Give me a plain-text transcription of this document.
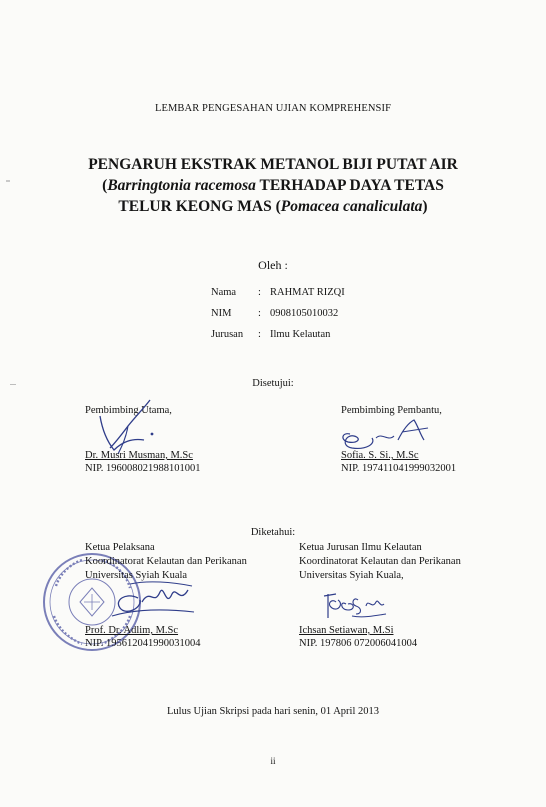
LEMBAR PENGESAHAN UJIAN KOMPREHENSIF
PENGARUH EKSTRAK METANOL BIJI PUTAT AIR
(Barringtonia racemosa TERHADAP DAYA TETAS
TELUR KEONG MAS (Pomacea canaliculata)
Oleh :
Nama : RAHMAT RIZQI
NIM	: 0908105010032
Jurusan : Ilmu Kelautan
Disetujui:
Pembimbing Utama,
Dr. Musri Musman, M.Sc
NIP. 196008021988101001
Pembimbing Pembantu,
Sofia. S. Si., M.Sc
NIP. 197411041999032001
Diketahui:
Ketua Pelaksana
Koordinatorat Kelautan dan Perikanan
Universitas Syiah Kuala
Prof. Dr. Adlim, M.Sc
NIP. 195612041990031004
Ketua Jurusan Ilmu Kelautan
Koordinatorat Kelautan dan Perikanan
Universitas Syiah Kuala,
Ichsan Setiawan, M.Si
NIP. 197806 072006041004
Lulus Ujian Skripsi pada hari senin, 01 April 2013
ii
